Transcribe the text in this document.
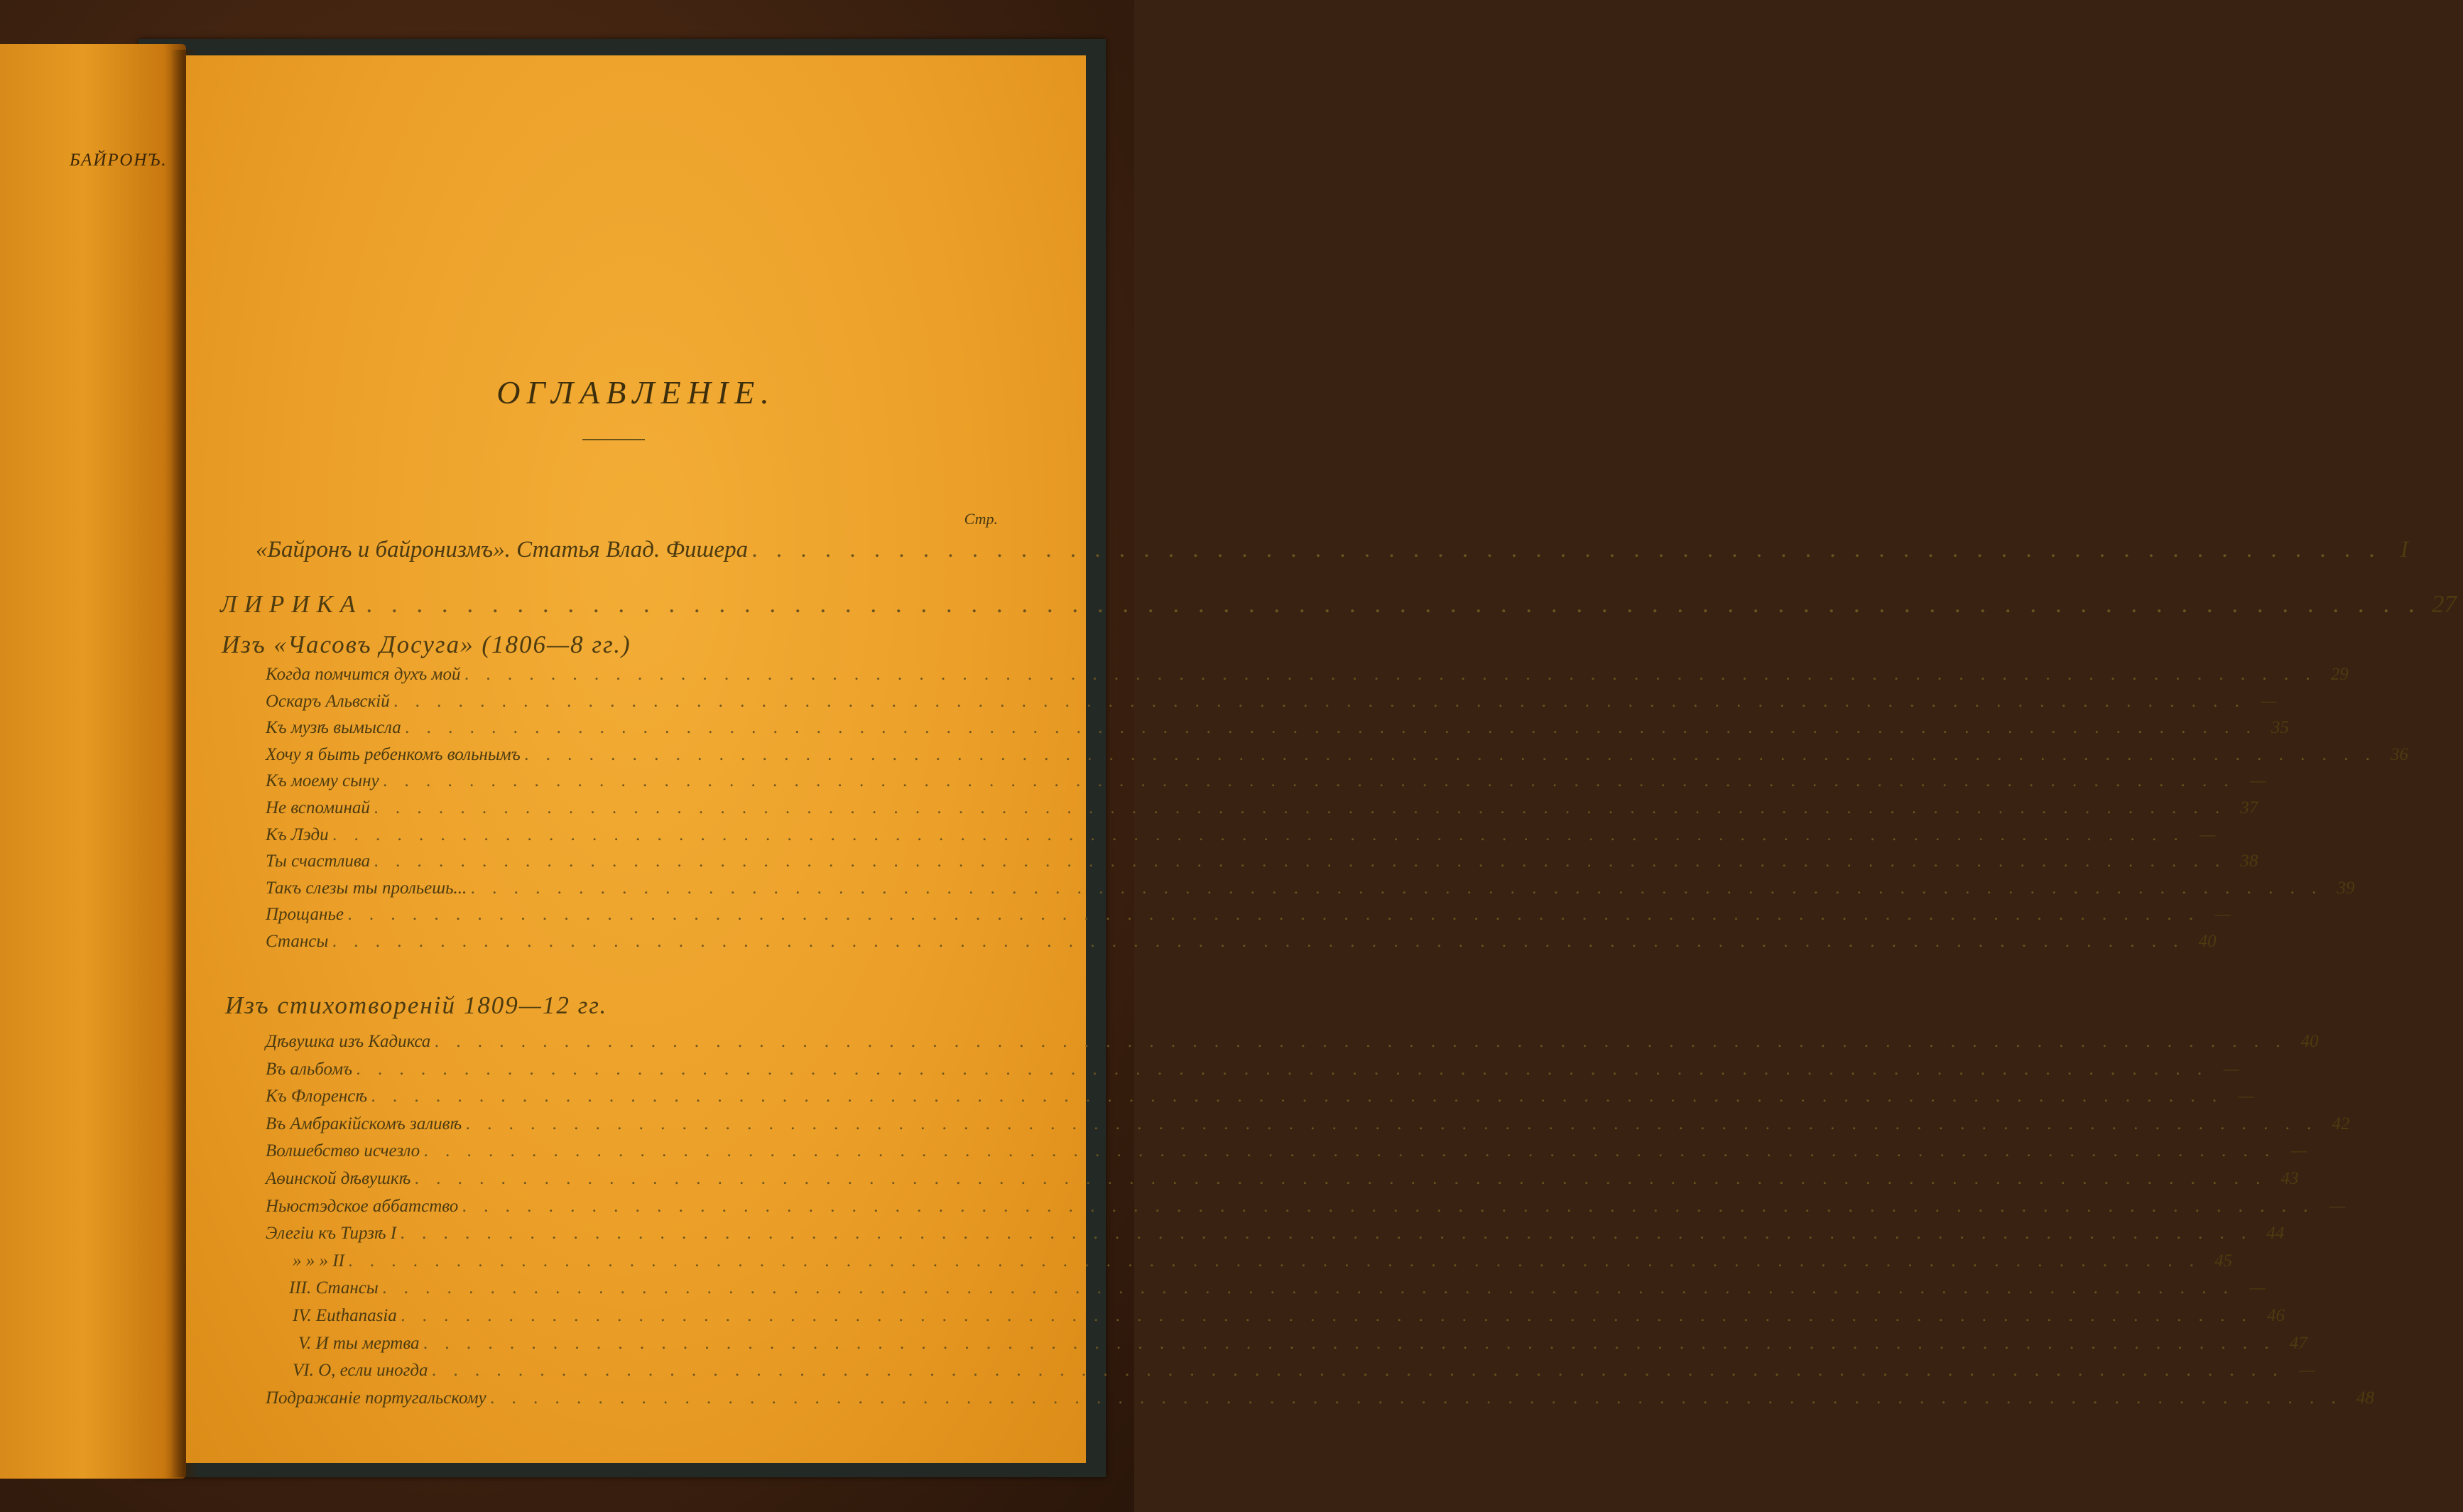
БАЙРОНЪ.
ОГЛАВЛЕНІЕ.
Стр.
«Байронъ и байронизмъ». Статья Влад. Фишера . . . . . . . . . . . . . . . . . . . . . . . . . . . . . . . . . . . . . . . . . . . . . . . . . . . . . . . . . . . . . . . . . . . I
ЛИРИКА . . . . . . . . . . . . . . . . . . . . . . . . . . . . . . . . . . . . . . . . . . . . . . . . . . . . . . . . . . . . . . . . . . . . . . . . . . . . . . . . . . 27
Изъ «Часовъ Досуга» (1806—8 гг.)
Когда помчится духъ мой . . . . . . . . . . . . . . . . . . . . . . . . . . . . . . . . . . . . . . . . . . . . . . . . . . . . . . . . . . . . . . . . . . . . . . . . . . . . . . . . . . . . . . 29
Оскаръ Альвскій . . . . . . . . . . . . . . . . . . . . . . . . . . . . . . . . . . . . . . . . . . . . . . . . . . . . . . . . . . . . . . . . . . . . . . . . . . . . . . . . . . . . . . —
Къ музѣ вымысла . . . . . . . . . . . . . . . . . . . . . . . . . . . . . . . . . . . . . . . . . . . . . . . . . . . . . . . . . . . . . . . . . . . . . . . . . . . . . . . . . . . . . . 35
Хочу я быть ребенкомъ вольнымъ . . . . . . . . . . . . . . . . . . . . . . . . . . . . . . . . . . . . . . . . . . . . . . . . . . . . . . . . . . . . . . . . . . . . . . . . . . . . . . . . . . . . . . 36
Къ моему сыну . . . . . . . . . . . . . . . . . . . . . . . . . . . . . . . . . . . . . . . . . . . . . . . . . . . . . . . . . . . . . . . . . . . . . . . . . . . . . . . . . . . . . . —
Не вспоминай . . . . . . . . . . . . . . . . . . . . . . . . . . . . . . . . . . . . . . . . . . . . . . . . . . . . . . . . . . . . . . . . . . . . . . . . . . . . . . . . . . . . . . 37
Къ Лэди . . . . . . . . . . . . . . . . . . . . . . . . . . . . . . . . . . . . . . . . . . . . . . . . . . . . . . . . . . . . . . . . . . . . . . . . . . . . . . . . . . . . . . —
Ты счастлива . . . . . . . . . . . . . . . . . . . . . . . . . . . . . . . . . . . . . . . . . . . . . . . . . . . . . . . . . . . . . . . . . . . . . . . . . . . . . . . . . . . . . . 38
Такъ слезы ты прольешь... . . . . . . . . . . . . . . . . . . . . . . . . . . . . . . . . . . . . . . . . . . . . . . . . . . . . . . . . . . . . . . . . . . . . . . . . . . . . . . . . . . . . . . 39
Прощанье . . . . . . . . . . . . . . . . . . . . . . . . . . . . . . . . . . . . . . . . . . . . . . . . . . . . . . . . . . . . . . . . . . . . . . . . . . . . . . . . . . . . . . —
Стансы . . . . . . . . . . . . . . . . . . . . . . . . . . . . . . . . . . . . . . . . . . . . . . . . . . . . . . . . . . . . . . . . . . . . . . . . . . . . . . . . . . . . . . 40
Изъ стихотвореній 1809—12 гг.
Дѣвушка изъ Кадикса . . . . . . . . . . . . . . . . . . . . . . . . . . . . . . . . . . . . . . . . . . . . . . . . . . . . . . . . . . . . . . . . . . . . . . . . . . . . . . . . . . . . . . 40
Въ альбомъ . . . . . . . . . . . . . . . . . . . . . . . . . . . . . . . . . . . . . . . . . . . . . . . . . . . . . . . . . . . . . . . . . . . . . . . . . . . . . . . . . . . . . . —
Къ Флоренсѣ . . . . . . . . . . . . . . . . . . . . . . . . . . . . . . . . . . . . . . . . . . . . . . . . . . . . . . . . . . . . . . . . . . . . . . . . . . . . . . . . . . . . . . —
Въ Амбракійскомъ заливѣ . . . . . . . . . . . . . . . . . . . . . . . . . . . . . . . . . . . . . . . . . . . . . . . . . . . . . . . . . . . . . . . . . . . . . . . . . . . . . . . . . . . . . . 42
Волшебство исчезло . . . . . . . . . . . . . . . . . . . . . . . . . . . . . . . . . . . . . . . . . . . . . . . . . . . . . . . . . . . . . . . . . . . . . . . . . . . . . . . . . . . . . . —
Аѳинской дѣвушкѣ . . . . . . . . . . . . . . . . . . . . . . . . . . . . . . . . . . . . . . . . . . . . . . . . . . . . . . . . . . . . . . . . . . . . . . . . . . . . . . . . . . . . . . 43
Ньюстэдское аббатство . . . . . . . . . . . . . . . . . . . . . . . . . . . . . . . . . . . . . . . . . . . . . . . . . . . . . . . . . . . . . . . . . . . . . . . . . . . . . . . . . . . . . . —
Элегіи къ Тирзѣ I . . . . . . . . . . . . . . . . . . . . . . . . . . . . . . . . . . . . . . . . . . . . . . . . . . . . . . . . . . . . . . . . . . . . . . . . . . . . . . . . . . . . . . 44
» » » II . . . . . . . . . . . . . . . . . . . . . . . . . . . . . . . . . . . . . . . . . . . . . . . . . . . . . . . . . . . . . . . . . . . . . . . . . . . . . . . . . . . . . . 45
III. Стансы . . . . . . . . . . . . . . . . . . . . . . . . . . . . . . . . . . . . . . . . . . . . . . . . . . . . . . . . . . . . . . . . . . . . . . . . . . . . . . . . . . . . . . —
IV. Euthanasia . . . . . . . . . . . . . . . . . . . . . . . . . . . . . . . . . . . . . . . . . . . . . . . . . . . . . . . . . . . . . . . . . . . . . . . . . . . . . . . . . . . . . . 46
V. И ты мертва . . . . . . . . . . . . . . . . . . . . . . . . . . . . . . . . . . . . . . . . . . . . . . . . . . . . . . . . . . . . . . . . . . . . . . . . . . . . . . . . . . . . . . 47
VI. О, если иногда . . . . . . . . . . . . . . . . . . . . . . . . . . . . . . . . . . . . . . . . . . . . . . . . . . . . . . . . . . . . . . . . . . . . . . . . . . . . . . . . . . . . . . —
Подражаніе португальскому . . . . . . . . . . . . . . . . . . . . . . . . . . . . . . . . . . . . . . . . . . . . . . . . . . . . . . . . . . . . . . . . . . . . . . . . . . . . . . . . . . . . . . 48
